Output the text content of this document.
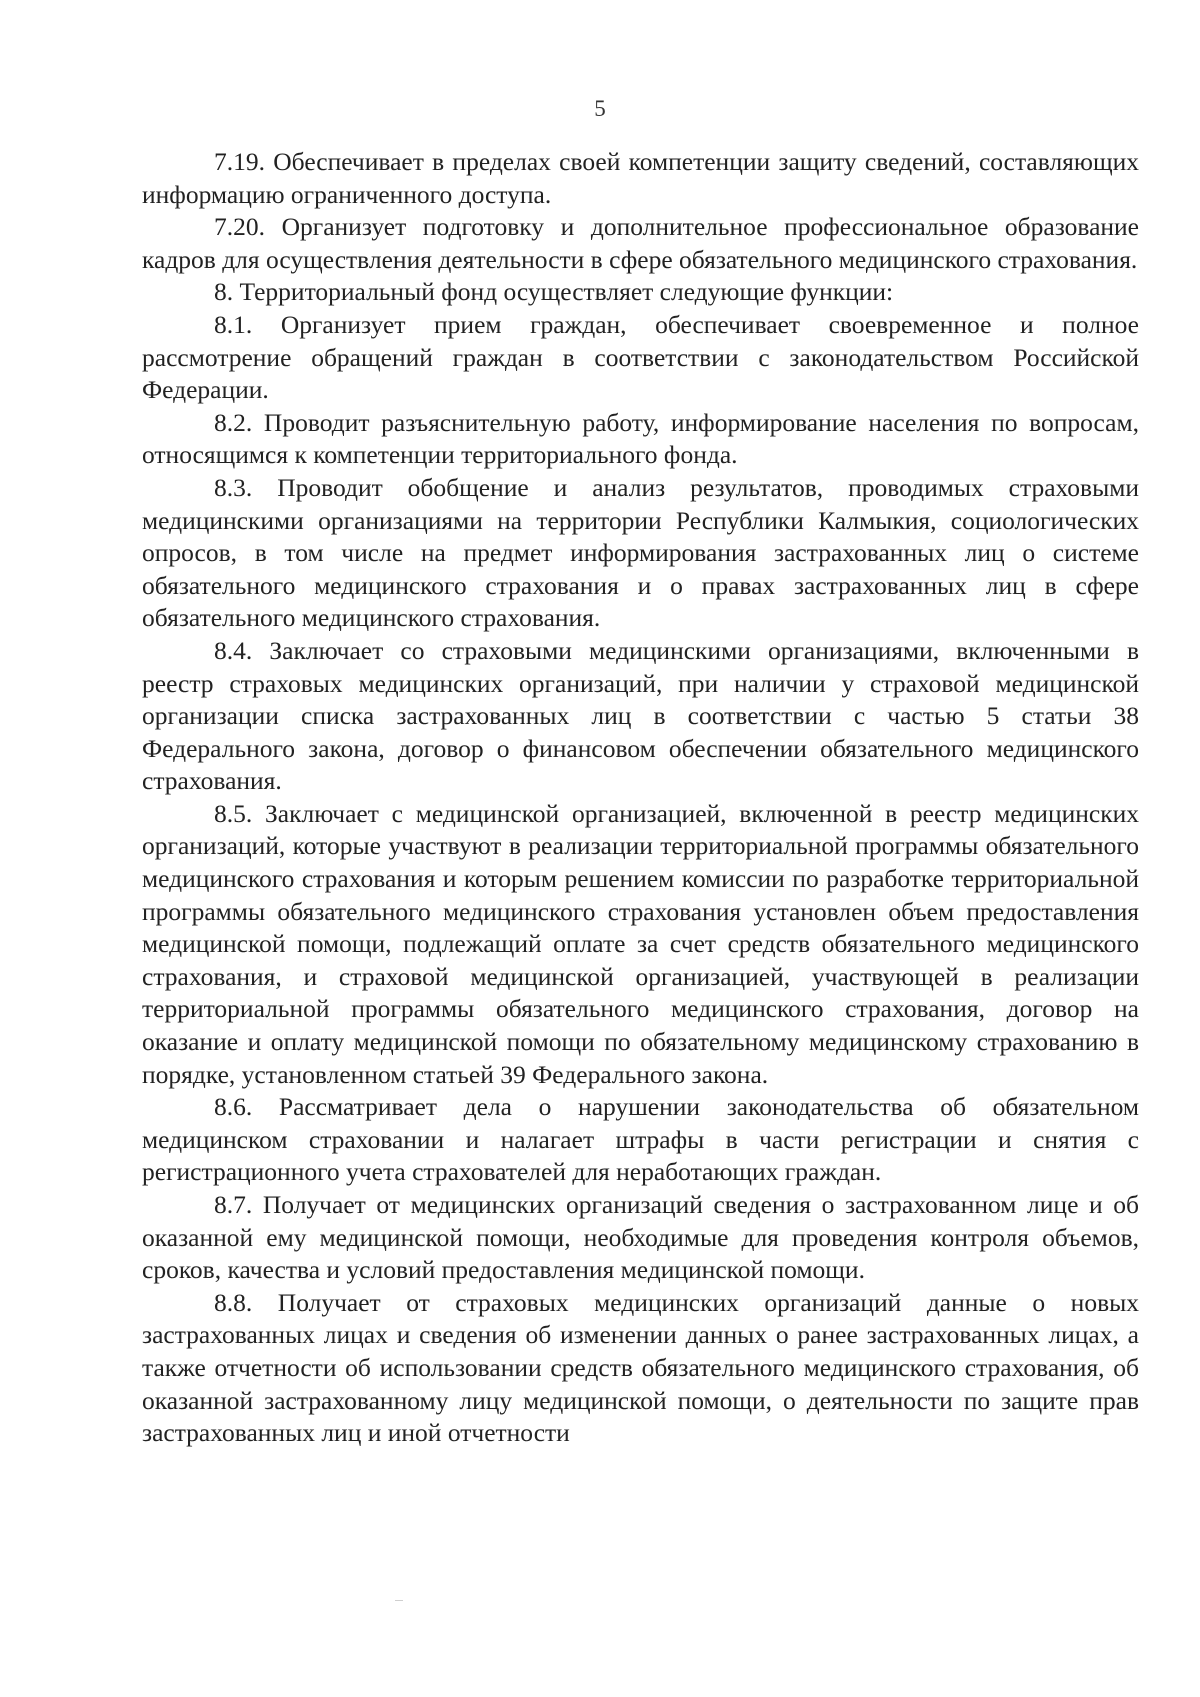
5

7.19. Обеспечивает в пределах своей компетенции защиту сведений, составляющих информацию ограниченного доступа.

7.20. Организует подготовку и дополнительное профессиональное образование кадров для осуществления деятельности в сфере обязательного медицинского страхования.

8. Территориальный фонд осуществляет следующие функции:

8.1. Организует прием граждан, обеспечивает своевременное и полное рассмотрение обращений граждан в соответствии с законодательством Российской Федерации.

8.2. Проводит разъяснительную работу, информирование населения по вопросам, относящимся к компетенции территориального фонда.

8.3. Проводит обобщение и анализ результатов, проводимых страховыми медицинскими организациями на территории Республики Калмыкия, социологических опросов, в том числе на предмет информирования застрахованных лиц о системе обязательного медицинского страхования и о правах застрахованных лиц в сфере обязательного медицинского страхования.

8.4. Заключает со страховыми медицинскими организациями, включенными в реестр страховых медицинских организаций, при наличии у страховой медицинской организации списка застрахованных лиц в соответствии с частью 5 статьи 38 Федерального закона, договор о финансовом обеспечении обязательного медицинского страхования.

8.5. Заключает с медицинской организацией, включенной в реестр медицинских организаций, которые участвуют в реализации территориальной программы обязательного медицинского страхования и которым решением комиссии по разработке территориальной программы обязательного медицинского страхования установлен объем предоставления медицинской помощи, подлежащий оплате за счет средств обязательного медицинского страхования, и страховой медицинской организацией, участвующей в реализации территориальной программы обязательного медицинского страхования, договор на оказание и оплату медицинской помощи по обязательному медицинскому страхованию в порядке, установленном статьей 39 Федерального закона.

8.6. Рассматривает дела о нарушении законодательства об обязательном медицинском страховании и налагает штрафы в части регистрации и снятия с регистрационного учета страхователей для неработающих граждан.

8.7. Получает от медицинских организаций сведения о застрахованном лице и об оказанной ему медицинской помощи, необходимые для проведения контроля объемов, сроков, качества и условий предоставления медицинской помощи.

8.8. Получает от страховых медицинских организаций данные о новых застрахованных лицах и сведения об изменении данных о ранее застрахованных лицах, а также отчетности об использовании средств обязательного медицинского страхования, об оказанной застрахованному лицу медицинской помощи, о деятельности по защите прав застрахованных лиц и иной отчетности
